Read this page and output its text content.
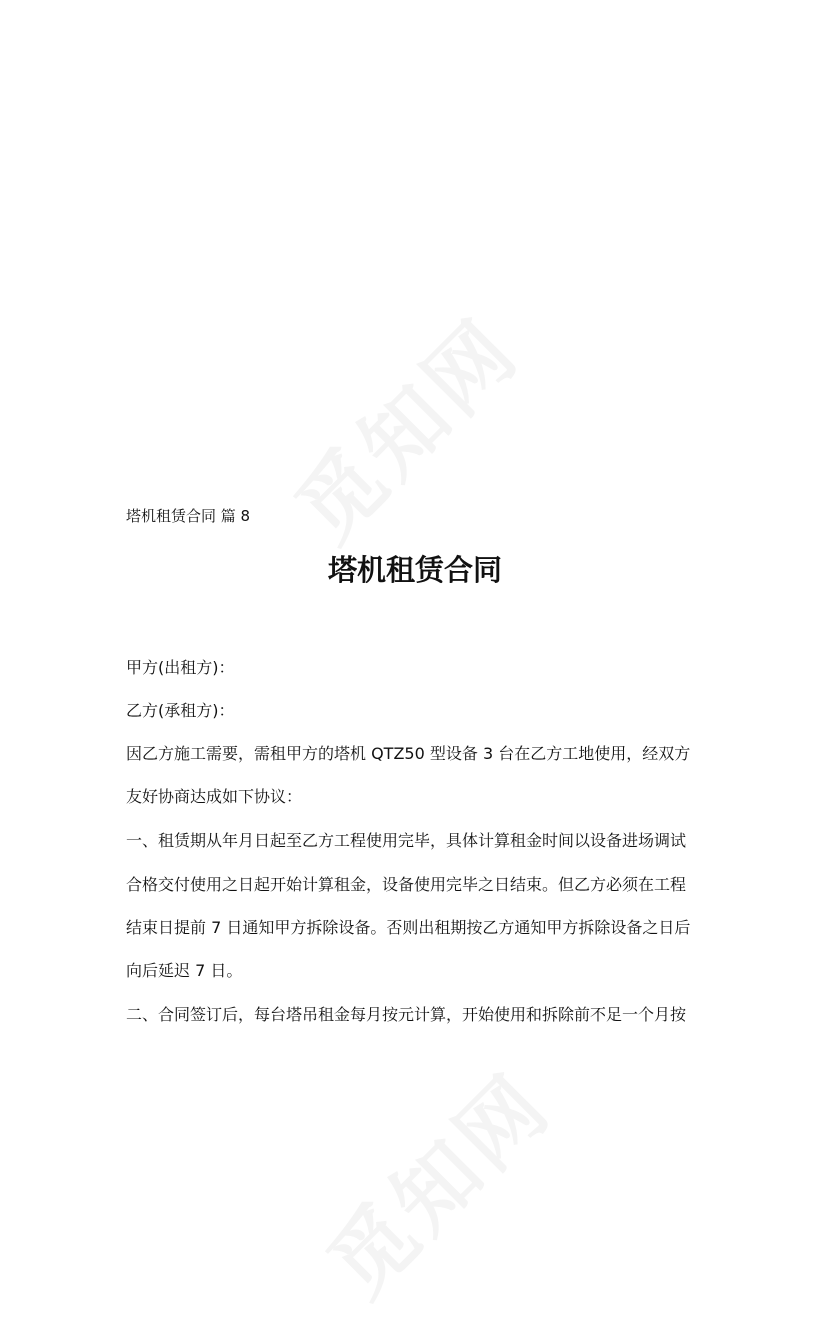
塔机租赁合同 篇 8
塔机租赁合同
甲方(出租方)：
乙方(承租方)：
因乙方施工需要，需租甲方的塔机 QTZ50 型设备 3 台在乙方工地使用，经双方
友好协商达成如下协议：
一、租赁期从年月日起至乙方工程使用完毕，具体计算租金时间以设备进场调试
合格交付使用之日起开始计算租金，设备使用完毕之日结束。但乙方必须在工程
结束日提前 7 日通知甲方拆除设备。否则出租期按乙方通知甲方拆除设备之日后
向后延迟 7 日。
二、合同签订后，每台塔吊租金每月按元计算，开始使用和拆除前不足一个月按
